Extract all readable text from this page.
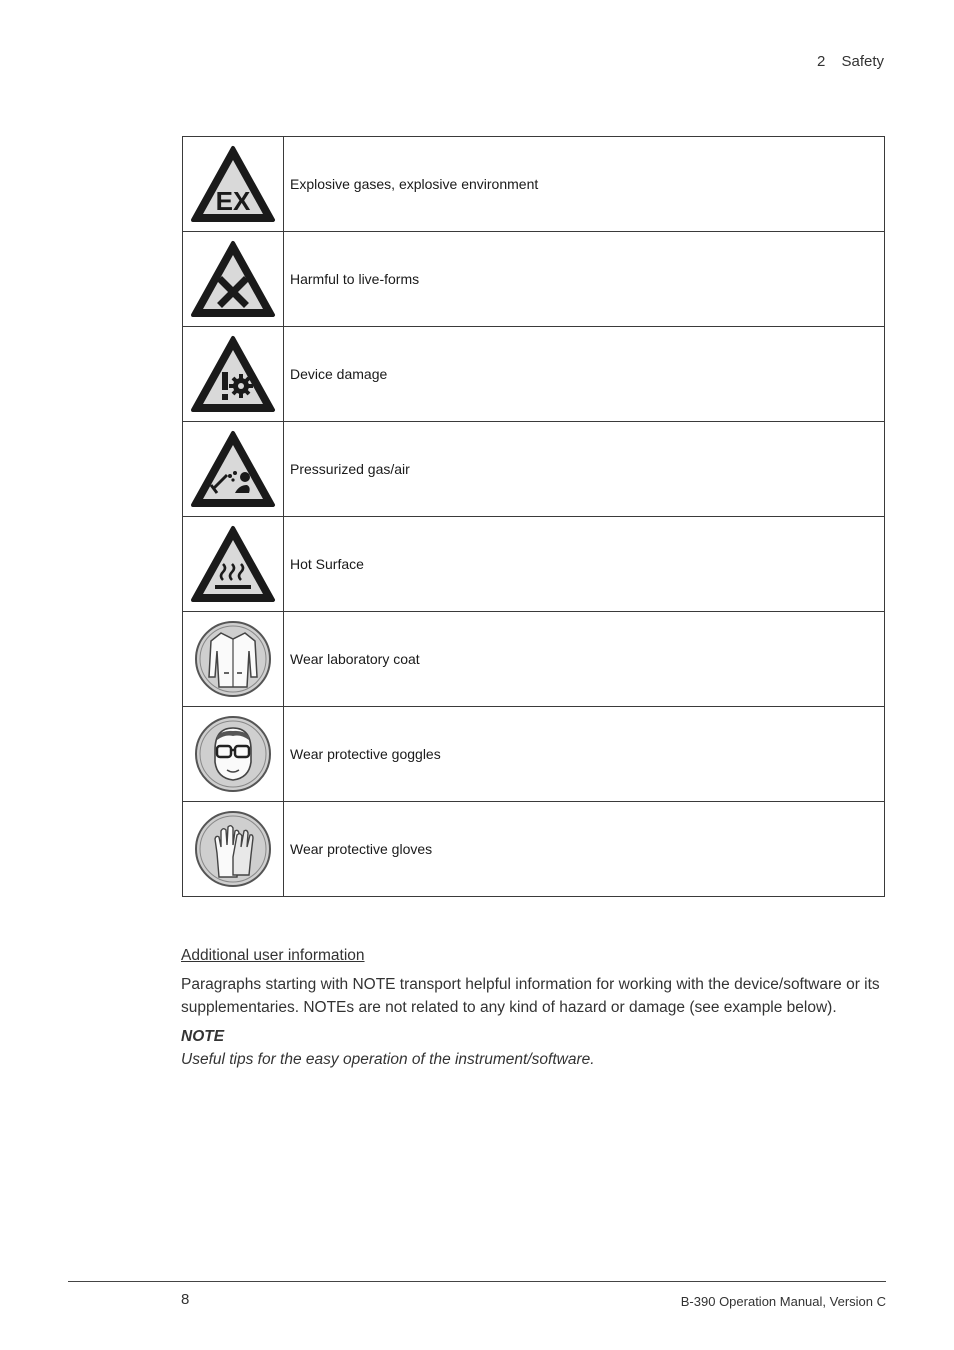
2 Safety
EX	Explosive gases, explosive environment

	Harmful to live-forms

	Device damage

	Pressurized gas/air

	Hot Surface

	Wear laboratory coat

	Wear protective goggles

	Wear protective gloves
Additional user information

Paragraphs starting with NOTE transport helpful information for working with the device/software or its supplementaries. NOTEs are not related to any kind of hazard or damage (see example below).

NOTE
Useful tips for the easy operation of the instrument/software.
8	B-390 Operation Manual, Version C
